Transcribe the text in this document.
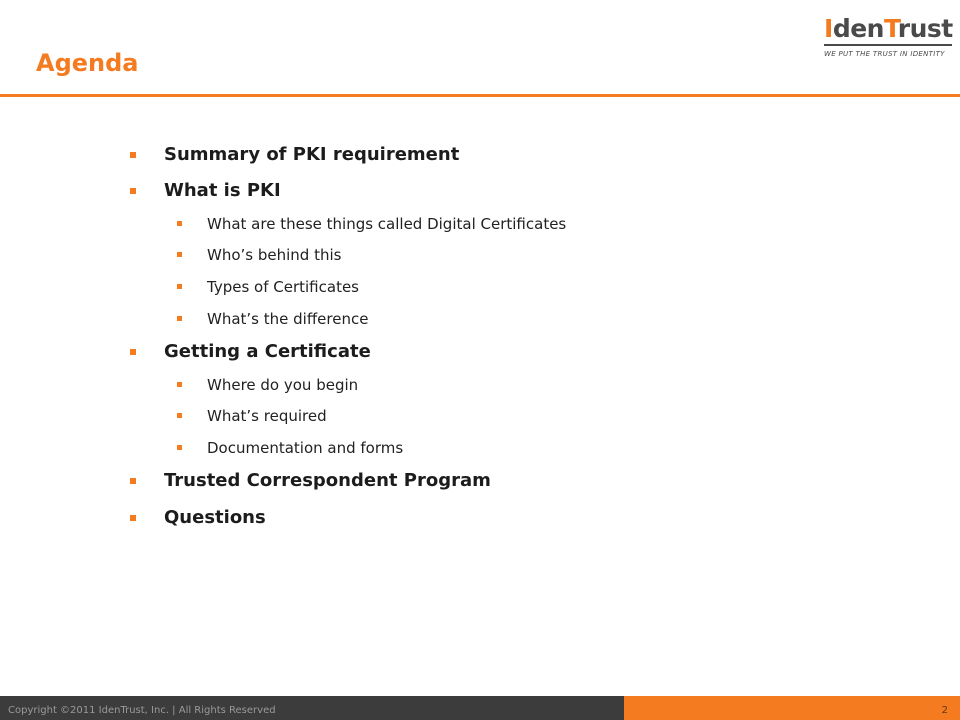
Agenda
IdenTrust
WE PUT THE TRUST IN IDENTITY
Summary of PKI requirement
What is PKI
What are these things called Digital Certificates
Who’s behind this
Types of Certificates
What’s the difference
Getting a Certificate
Where do you begin
What’s required
Documentation and forms
Trusted Correspondent Program
Questions
Copyright ©2011 IdenTrust, Inc. | All Rights Reserved	2
